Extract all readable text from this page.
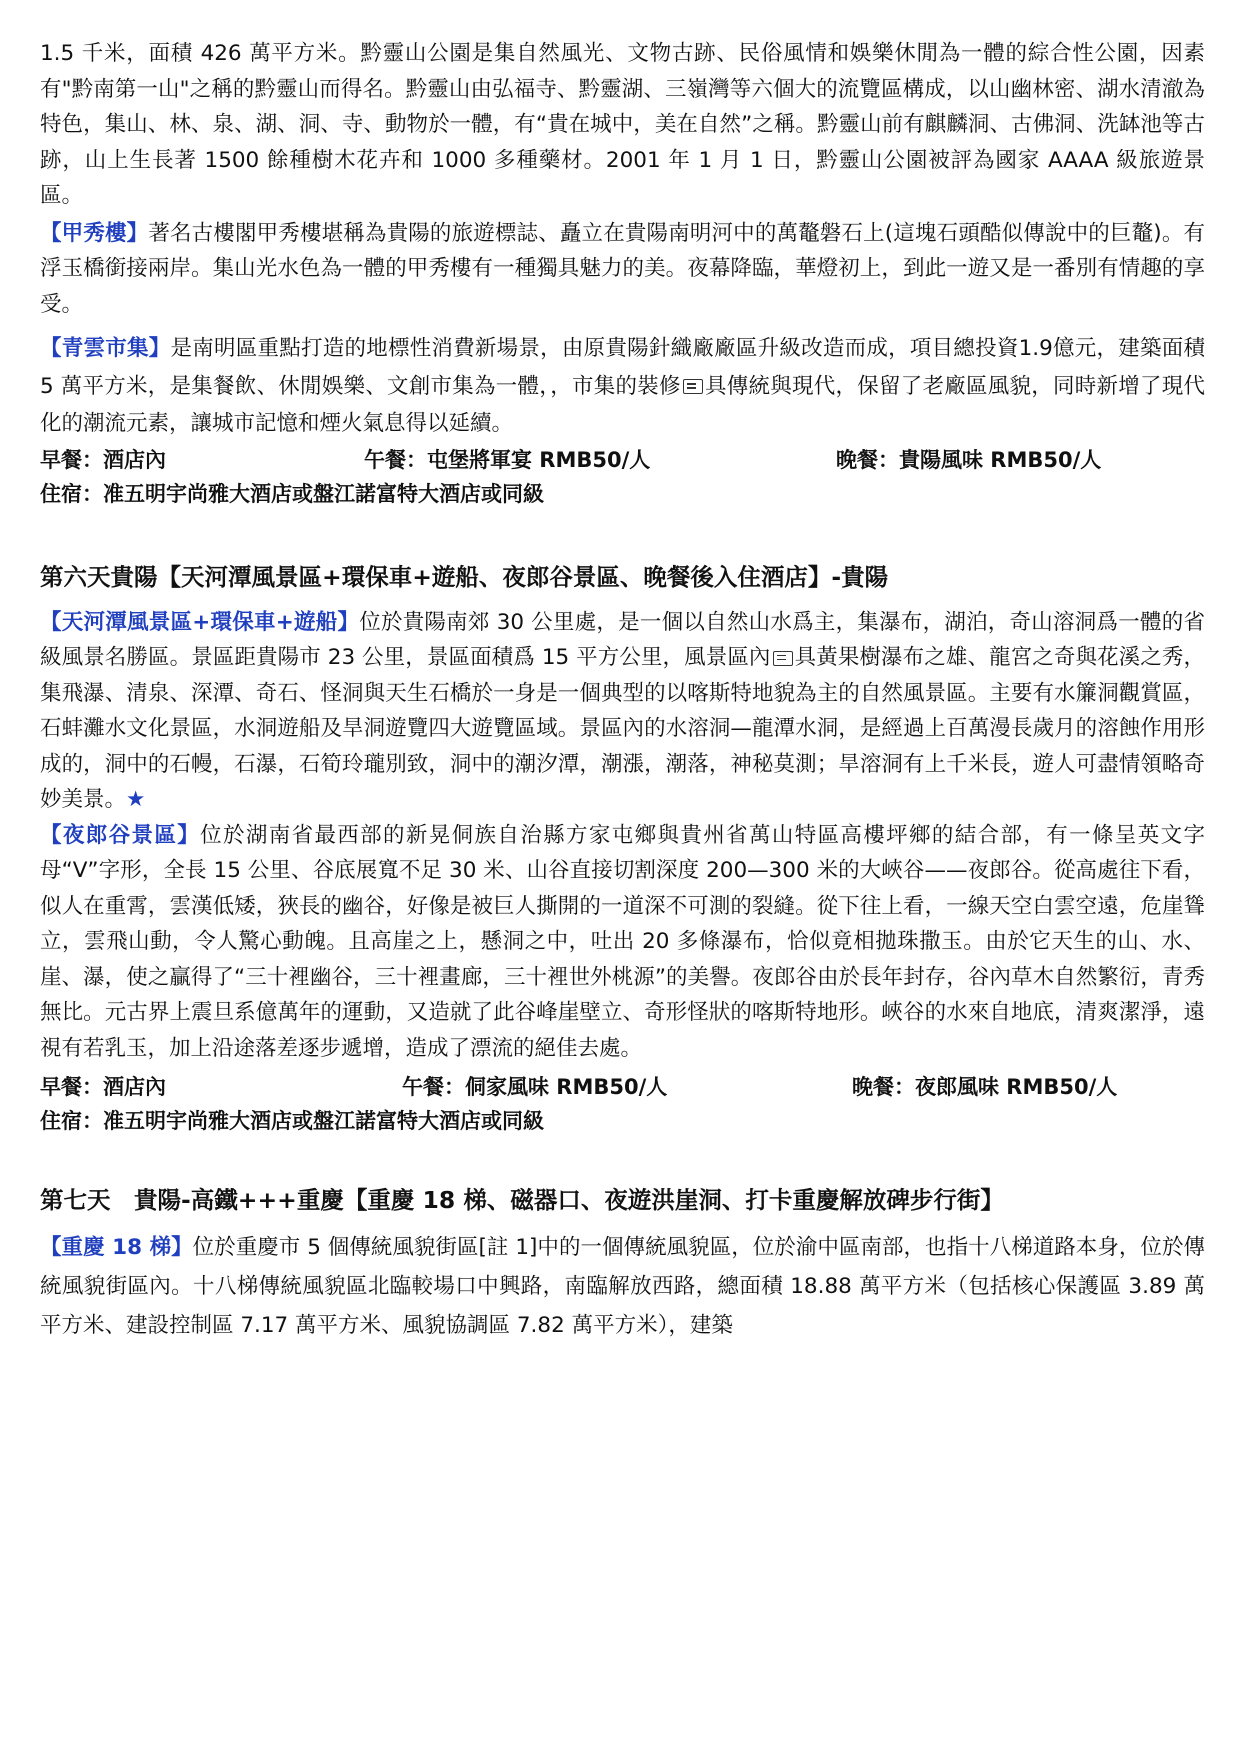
1.5 千米，面積 426 萬平方米。黔靈山公園是集自然風光、文物古跡、民俗風情和娛樂休閒為一體的綜合性公園，因素有"黔南第一山"之稱的黔靈山而得名。黔靈山由弘福寺、黔靈湖、三嶺灣等六個大的流覽區構成，以山幽林密、湖水清澈為特色，集山、林、泉、湖、洞、寺、動物於一體，有“貴在城中，美在自然”之稱。黔靈山前有麒麟洞、古佛洞、洗缽池等古跡，山上生長著 1500 餘種樹木花卉和 1000 多種藥材。2001 年 1 月 1 日，黔靈山公園被評為國家 AAAA 級旅遊景區。

【甲秀樓】著名古樓閣甲秀樓堪稱為貴陽的旅遊標誌、矗立在貴陽南明河中的萬鼇磐石上(這塊石頭酷似傳說中的巨鼇)。有浮玉橋銜接兩岸。集山光水色為一體的甲秀樓有一種獨具魅力的美。夜幕降臨，華燈初上，到此一遊又是一番別有情趣的享受。

【青雲市集】是南明區重點打造的地標性消費新場景，由原貴陽針織廠廠區升級改造而成，項目總投資1.9億元，建築面積5 萬平方米，是集餐飲、休閒娛樂、文創市集為一體，，市集的裝修 具傳統與現代，保留了老廠區風貌，同時新增了現代化的潮流元素，讓城市記憶和煙火氣息得以延續。

早餐：酒店內	午餐：屯堡將軍宴 RMB50/人	晚餐：貴陽風味 RMB50/人

住宿：准五明宇尚雅大酒店或盤江諾富特大酒店或同級

第六天貴陽【天河潭風景區+環保車+遊船、夜郎谷景區、晚餐後入住酒店】-貴陽

【天河潭風景區+環保車+遊船】位於貴陽南郊 30 公里處，是一個以自然山水爲主，集瀑布，湖泊，奇山溶洞爲一體的省級風景名勝區。景區距貴陽市 23 公里，景區面積爲 15 平方公里，風景區內 具黃果樹瀑布之雄、龍宮之奇與花溪之秀，集飛瀑、清泉、深潭、奇石、怪洞與天生石橋於一身是一個典型的以喀斯特地貌為主的自然風景區。主要有水簾洞觀賞區，石蚌灘水文化景區，水洞遊船及旱洞遊覽四大遊覽區域。景區內的水溶洞—龍潭水洞，是經過上百萬漫長歲月的溶蝕作用形成的，洞中的石幔，石瀑，石筍玲瓏別致，洞中的潮汐潭，潮漲，潮落，神秘莫測；旱溶洞有上千米長，遊人可盡情領略奇妙美景。★

【夜郎谷景區】位於湖南省最西部的新晃侗族自治縣方家屯鄉與貴州省萬山特區高樓坪鄉的結合部，有一條呈英文字母“V”字形，全長 15 公里、谷底展寬不足 30 米、山谷直接切割深度 200—300 米的大峽谷——夜郎谷。從高處往下看，似人在重霄，雲漢低矮，狹長的幽谷，好像是被巨人撕開的一道深不可測的裂縫。從下往上看，一線天空白雲空遠，危崖聳立，雲飛山動，令人驚心動魄。且高崖之上，懸洞之中，吐出 20 多條瀑布，恰似竟相拋珠撒玉。由於它天生的山、水、崖、瀑，使之贏得了“三十裡幽谷，三十裡畫廊，三十裡世外桃源”的美譽。夜郎谷由於長年封存，谷內草木自然繁衍，青秀無比。元古界上震旦系億萬年的運動，又造就了此谷峰崖壁立、奇形怪狀的喀斯特地形。峽谷的水來自地底，清爽潔淨，遠視有若乳玉，加上沿途落差逐步遞增，造成了漂流的絕佳去處。

早餐：酒店內	午餐：侗家風味 RMB50/人	晚餐：夜郎風味 RMB50/人

住宿：准五明宇尚雅大酒店或盤江諾富特大酒店或同級

第七天　貴陽-高鐵+++重慶【重慶 18 梯、磁器口、夜遊洪崖洞、打卡重慶解放碑步行街】

【重慶 18 梯】位於重慶市 5 個傳統風貌街區[註 1]中的一個傳統風貌區，位於渝中區南部，也指十八梯道路本身，位於傳統風貌街區內。十八梯傳統風貌區北臨較場口中興路，南臨解放西路，總面積 18.88 萬平方米（包括核心保護區 3.89 萬平方米、建設控制區 7.17 萬平方米、風貌協調區 7.82 萬平方米），建築
